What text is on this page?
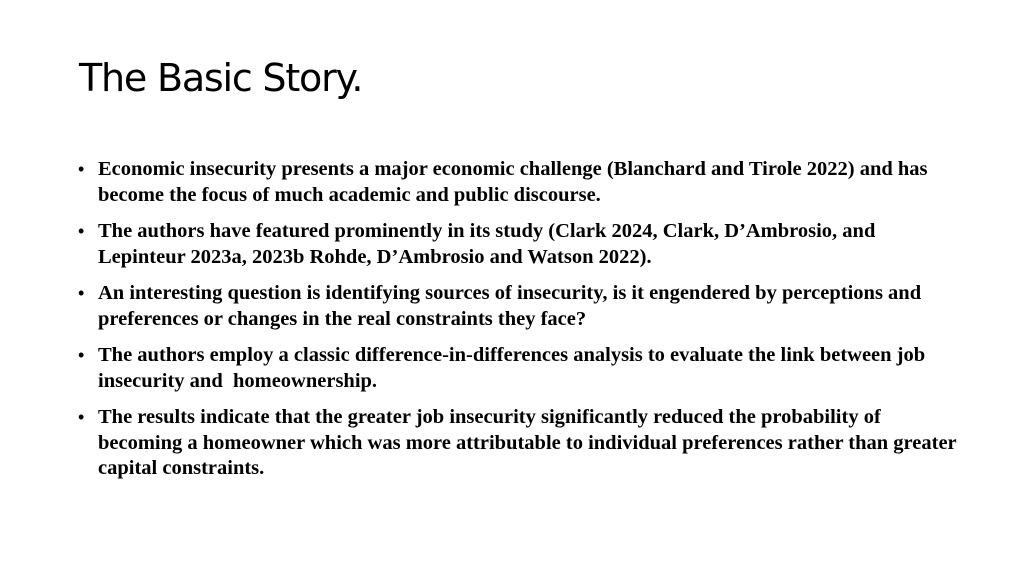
The Basic Story.
• Economic insecurity presents a major economic challenge (Blanchard and Tirole 2022) and has become the focus of much academic and public discourse.
• The authors have featured prominently in its study (Clark 2024, Clark, D’Ambrosio, and Lepinteur 2023a, 2023b Rohde, D’Ambrosio and Watson 2022).
• An interesting question is identifying sources of insecurity, is it engendered by perceptions and preferences or changes in the real constraints they face?
• The authors employ a classic difference-in-differences analysis to evaluate the link between job insecurity and  homeownership.
• The results indicate that the greater job insecurity significantly reduced the probability of becoming a homeowner which was more attributable to individual preferences rather than greater capital constraints.
